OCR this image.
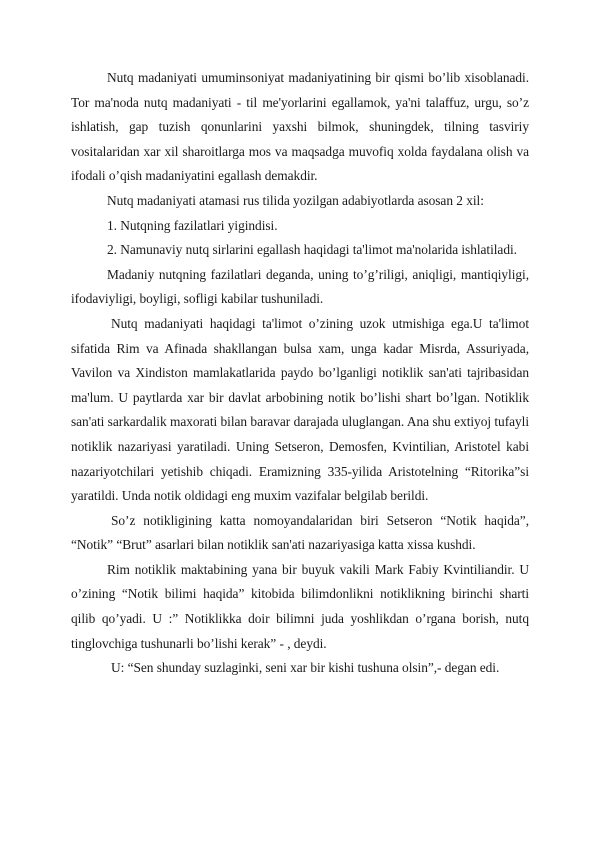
Nutq madaniyati umuminsoniyat madaniyatining bir qismi bo’lib xisoblanadi. Tor ma'noda nutq madaniyati - til me'yorlarini egallamok, ya'ni talaffuz, urgu, so’z ishlatish, gap tuzish qonunlarini yaxshi bilmok, shuningdek, tilning tasviriy vositalaridan xar xil sharoitlarga mos va maqsadga muvofiq xolda faydalana olish va ifodali o’qish madaniyatini egallash demakdir.

Nutq madaniyati atamasi rus tilida yozilgan adabiyotlarda asosan 2 xil:

1. Nutqning fazilatlari yigindisi.

2. Namunaviy nutq sirlarini egallash haqidagi ta'limot ma'nolarida ishlatiladi.

Madaniy nutqning fazilatlari deganda, uning to’g’riligi, aniqligi, mantiqiyligi, ifodaviyligi, boyligi, sofligi kabilar tushuniladi.

Nutq madaniyati haqidagi ta'limot o’zining uzok utmishiga ega.U ta'limot sifatida Rim va Afinada shakllangan bulsa xam, unga kadar Misrda, Assuriyada, Vavilon va Xindiston mamlakatlarida paydo bo’lganligi notiklik san'ati tajribasidan ma'lum. U paytlarda xar bir davlat arbobining notik bo’lishi shart bo’lgan. Notiklik san'ati sarkardalik maxorati bilan baravar darajada uluglangan. Ana shu extiyoj tufayli notiklik nazariyasi yaratiladi. Uning Setseron, Demosfen, Kvintilian, Aristotel kabi nazariyotchilari yetishib chiqadi. Eramizning 335-yilida Aristotelning “Ritorika”si yaratildi. Unda notik oldidagi eng muxim vazifalar belgilab berildi.

So’z notikligining katta nomoyandalaridan biri Setseron “Notik haqida”, “Notik” “Brut” asarlari bilan notiklik san'ati nazariyasiga katta xissa kushdi.

Rim notiklik maktabining yana bir buyuk vakili Mark Fabiy Kvintiliandir. U o’zining “Notik bilimi haqida” kitobida bilimdonlikni notiklikning birinchi sharti qilib qo’yadi. U :” Notiklikka doir bilimni juda yoshlikdan o’rgana borish, nutq tinglovchiga tushunarli bo’lishi kerak” - , deydi.

U: “Sen shunday suzlaginki, seni xar bir kishi tushuna olsin”,- degan edi.
